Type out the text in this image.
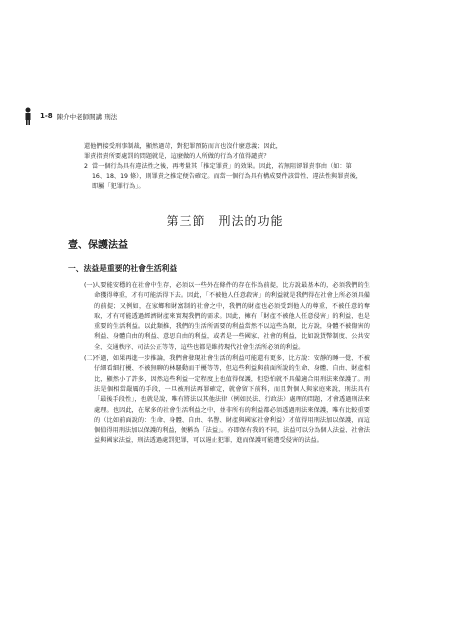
1-8 陳介中老師開講 刑法

還他們接受刑事制裁，顯然過苛，對犯罪預防而言也沒什麼意義；因此，

罪責指責所要處罰的問題就是，這麼做的人所做的行為才值得譴責？

2 當一個行為具有違法性之後，再考量其「推定罪責」的效果。因此，若無阻卻罪責事由（如：第 16、18、19 條），則罪責之推定便告確定。而當一個行為具有構成要件該當性、違法性與罪責後，即屬「犯罪行為」。
第三節　刑法的功能
壹、保護法益
一、法益是重要的社會生活利益
(一)
人要能安穩的在社會中生存，必須以一些外在條件的存在作為前提，比方說最基本的，必須我們的生命獲得尊重，才有可能活得下去。因此，「不被他人任意殺害」的利益就是我們得在社會上所必須具備的前提；又例如，在家鄉和財富制的社會之中，我們的財產也必須受到他人的尊重，不被任意的奪取，才有可能透過經濟財產來實現我們的需求。因此，擁有「財產不被他人任意侵害」的利益，也是重要的生活利益。以此類推，我們的生活所需要的利益當然不以這些為限，比方說，身體不被傷害的利益、身體自由的利益、意思自由的利益，或者是一些國家、社會的利益，比如說貨幣制度、公共安全、交通秩序、司法公正等等，這些也都是維持現代社會生活所必須的利益。
(二)
不過，如果再進一步推論，我們會發現社會生活的利益可能還有更多，比方說：安靜的睡一覺、不被仔細看細打擾、不被無聊的林騷動而干擾等等，但這些利益與前面所說的生命、身體、自由、財產相比，顯然小了許多，因然這些利益一定程度上也值得保護，但恐怕就不具備適合用刑法來保護了。刑法是個相當嚴厲的手段，一旦被刑法再罪確定，就會留下前科，而且對個人與家庭來說，刑法具有「最後手段性」，也就是說，唯有將法以其他法律（例如民法、行政法）處理的問題，才會透過刑法來處理。也因此，在眾多的社會生活利益之中，並非所有的利益都必須透過刑法來保護，唯有比較重要的（比如前面說的：生命、身體、自由、名譽、財產與國家社會利益）才值得用刑法加以保護，而這個值得用刑法加以保護的利益，便稱為「法益」。亦即保有我的不同，法益可以分為個人法益、社會法益與國家法益，刑法透過處罰犯罪，可以遏止犯罪，進而保護可能遭受侵害的法益。
